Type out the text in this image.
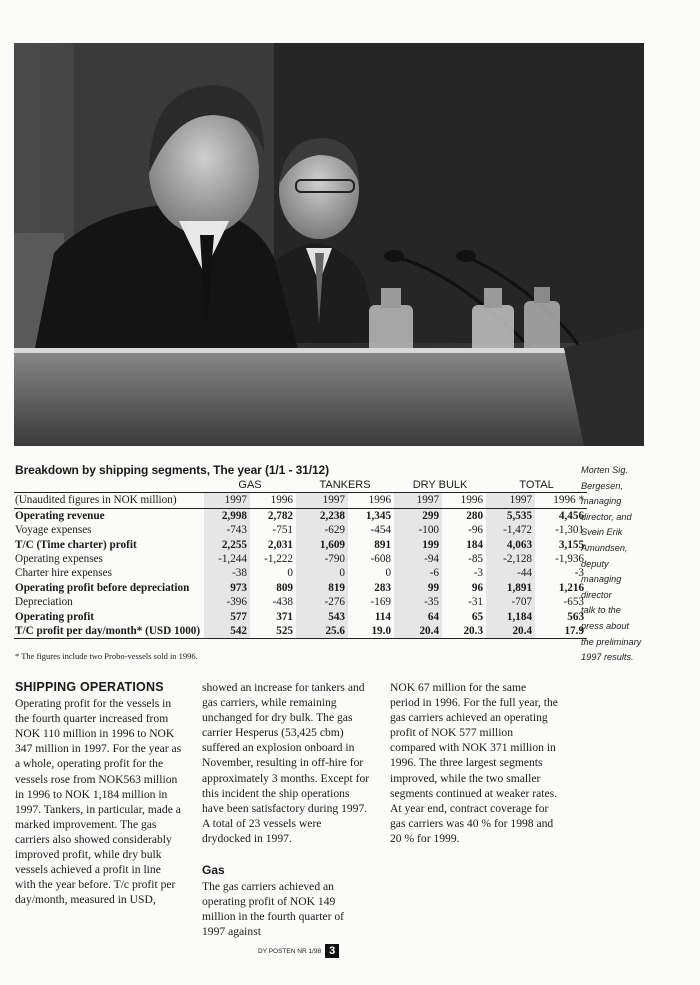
Breakdown by shipping segments, The year (1/1 - 31/12)
	GAS		TANKERS		DRY BULK		TOTAL	
(Unaudited figures in NOK million)	1997	1996	1997	1996	1997	1996	1997	1996 *
Operating revenue	2,998	2,782	2,238	1,345	299	280	5,535	4,456
Voyage expenses	-743	-751	-629	-454	-100	-96	-1,472	-1,301
T/C (Time charter) profit	2,255	2,031	1,609	891	199	184	4,063	3,155
Operating expenses	-1,244	-1,222	-790	-608	-94	-85	-2,128	-1,936
Charter hire expenses	-38	0	0	0	-6	-3	-44	-3
Operating profit before depreciation	973	809	819	283	99	96	1,891	1,216
Depreciation	-396	-438	-276	-169	-35	-31	-707	-653
Operating profit	577	371	543	114	64	65	1,184	563
T/C profit per day/month* (USD 1000)	542	525	25.6	19.0	20.4	20.3	20.4	17.9
* The figures include two Probo-vessels sold in 1996.
Morten Sig.
Bergesen,
managing
director, and
Svein Erik
Amundsen,
deputy
managing
director
talk to the
press about
the preliminary
1997 results.
SHIPPING OPERATIONS

Operating profit for the vessels in the fourth quarter increased from NOK 110 million in 1996 to NOK 347 million in 1997. For the year as a whole, operating profit for the vessels rose from NOK563 million in 1996 to NOK 1,184 million in 1997. Tankers, in particular, made a marked improvement. The gas carriers also showed considerably improved profit, while dry bulk vessels achieved a profit in line with the year before. T/c profit per day/month, measured in USD,

showed an increase for tankers and gas carriers, while remaining unchanged for dry bulk. The gas carrier Hesperus (53,425 cbm) suffered an explosion onboard in November, resulting in off-hire for approximately 3 months. Except for this incident the ship operations have been satisfactory during 1997. A total of 23 vessels were drydocked in 1997.

Gas

The gas carriers achieved an operating profit of NOK 149 million in the fourth quarter of 1997 against

NOK 67 million for the same period in 1996. For the full year, the gas carriers achieved an operating profit of NOK 577 million compared with NOK 371 million in 1996. The three largest segments improved, while the two smaller segments continued at weaker rates. At year end, contract coverage for gas carriers was 40 % for 1998 and 20 % for 1999.

DY POSTEN NR 1/98 3
